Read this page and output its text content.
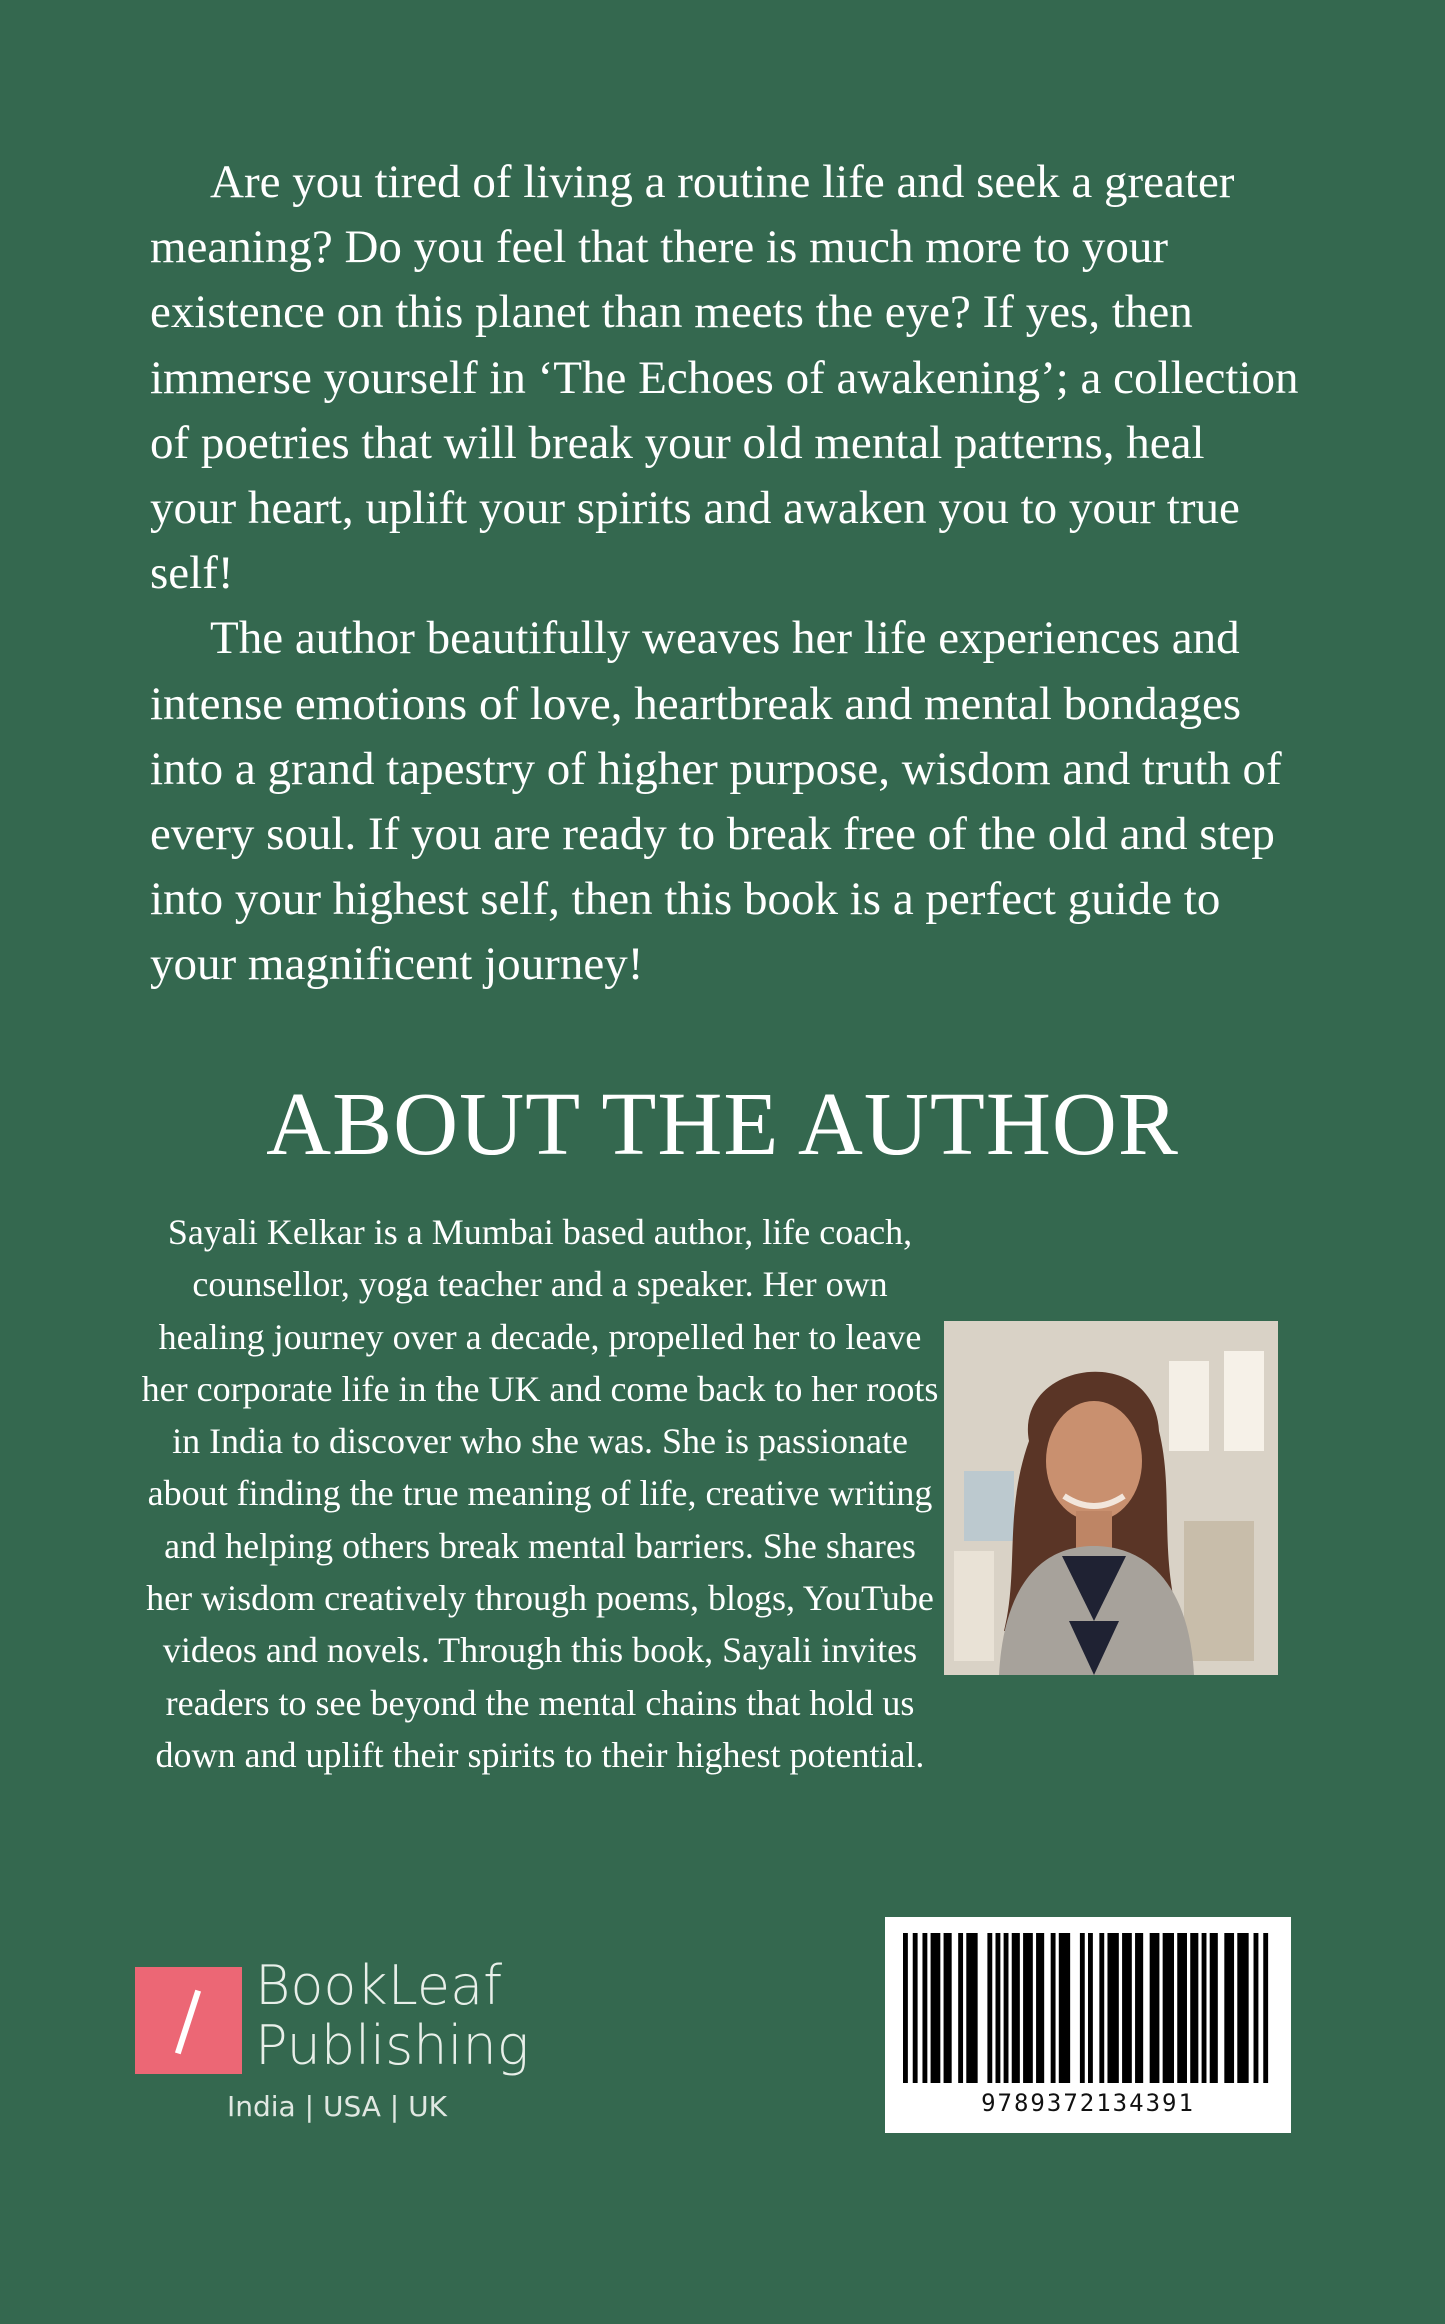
Are you tired of living a routine life and seek a greater meaning? Do you feel that there is much more to your existence on this planet than meets the eye? If yes, then immerse yourself in ‘The Echoes of awakening’; a collection of poetries that will break your old mental patterns, heal your heart, uplift your spirits and awaken you to your true self!

The author beautifully weaves her life experiences and intense emotions of love, heartbreak and mental bondages into a grand tapestry of higher purpose, wisdom and truth of every soul. If you are ready to break free of the old and step into your highest self, then this book is a perfect guide to your magnificent journey!

ABOUT THE AUTHOR
Sayali Kelkar is a Mumbai based author, life coach, counsellor, yoga teacher and a speaker. Her own healing journey over a decade, propelled her to leave her corporate life in the UK and come back to her roots in India to discover who she was. She is passionate about finding the true meaning of life, creative writing and helping others break mental barriers. She shares her wisdom creatively through poems, blogs, YouTube videos and novels. Through this book, Sayali invites readers to see beyond the mental chains that hold us down and uplift their spirits to their highest potential.
BookLeaf
Publishing
India | USA | UK	9789372134391
